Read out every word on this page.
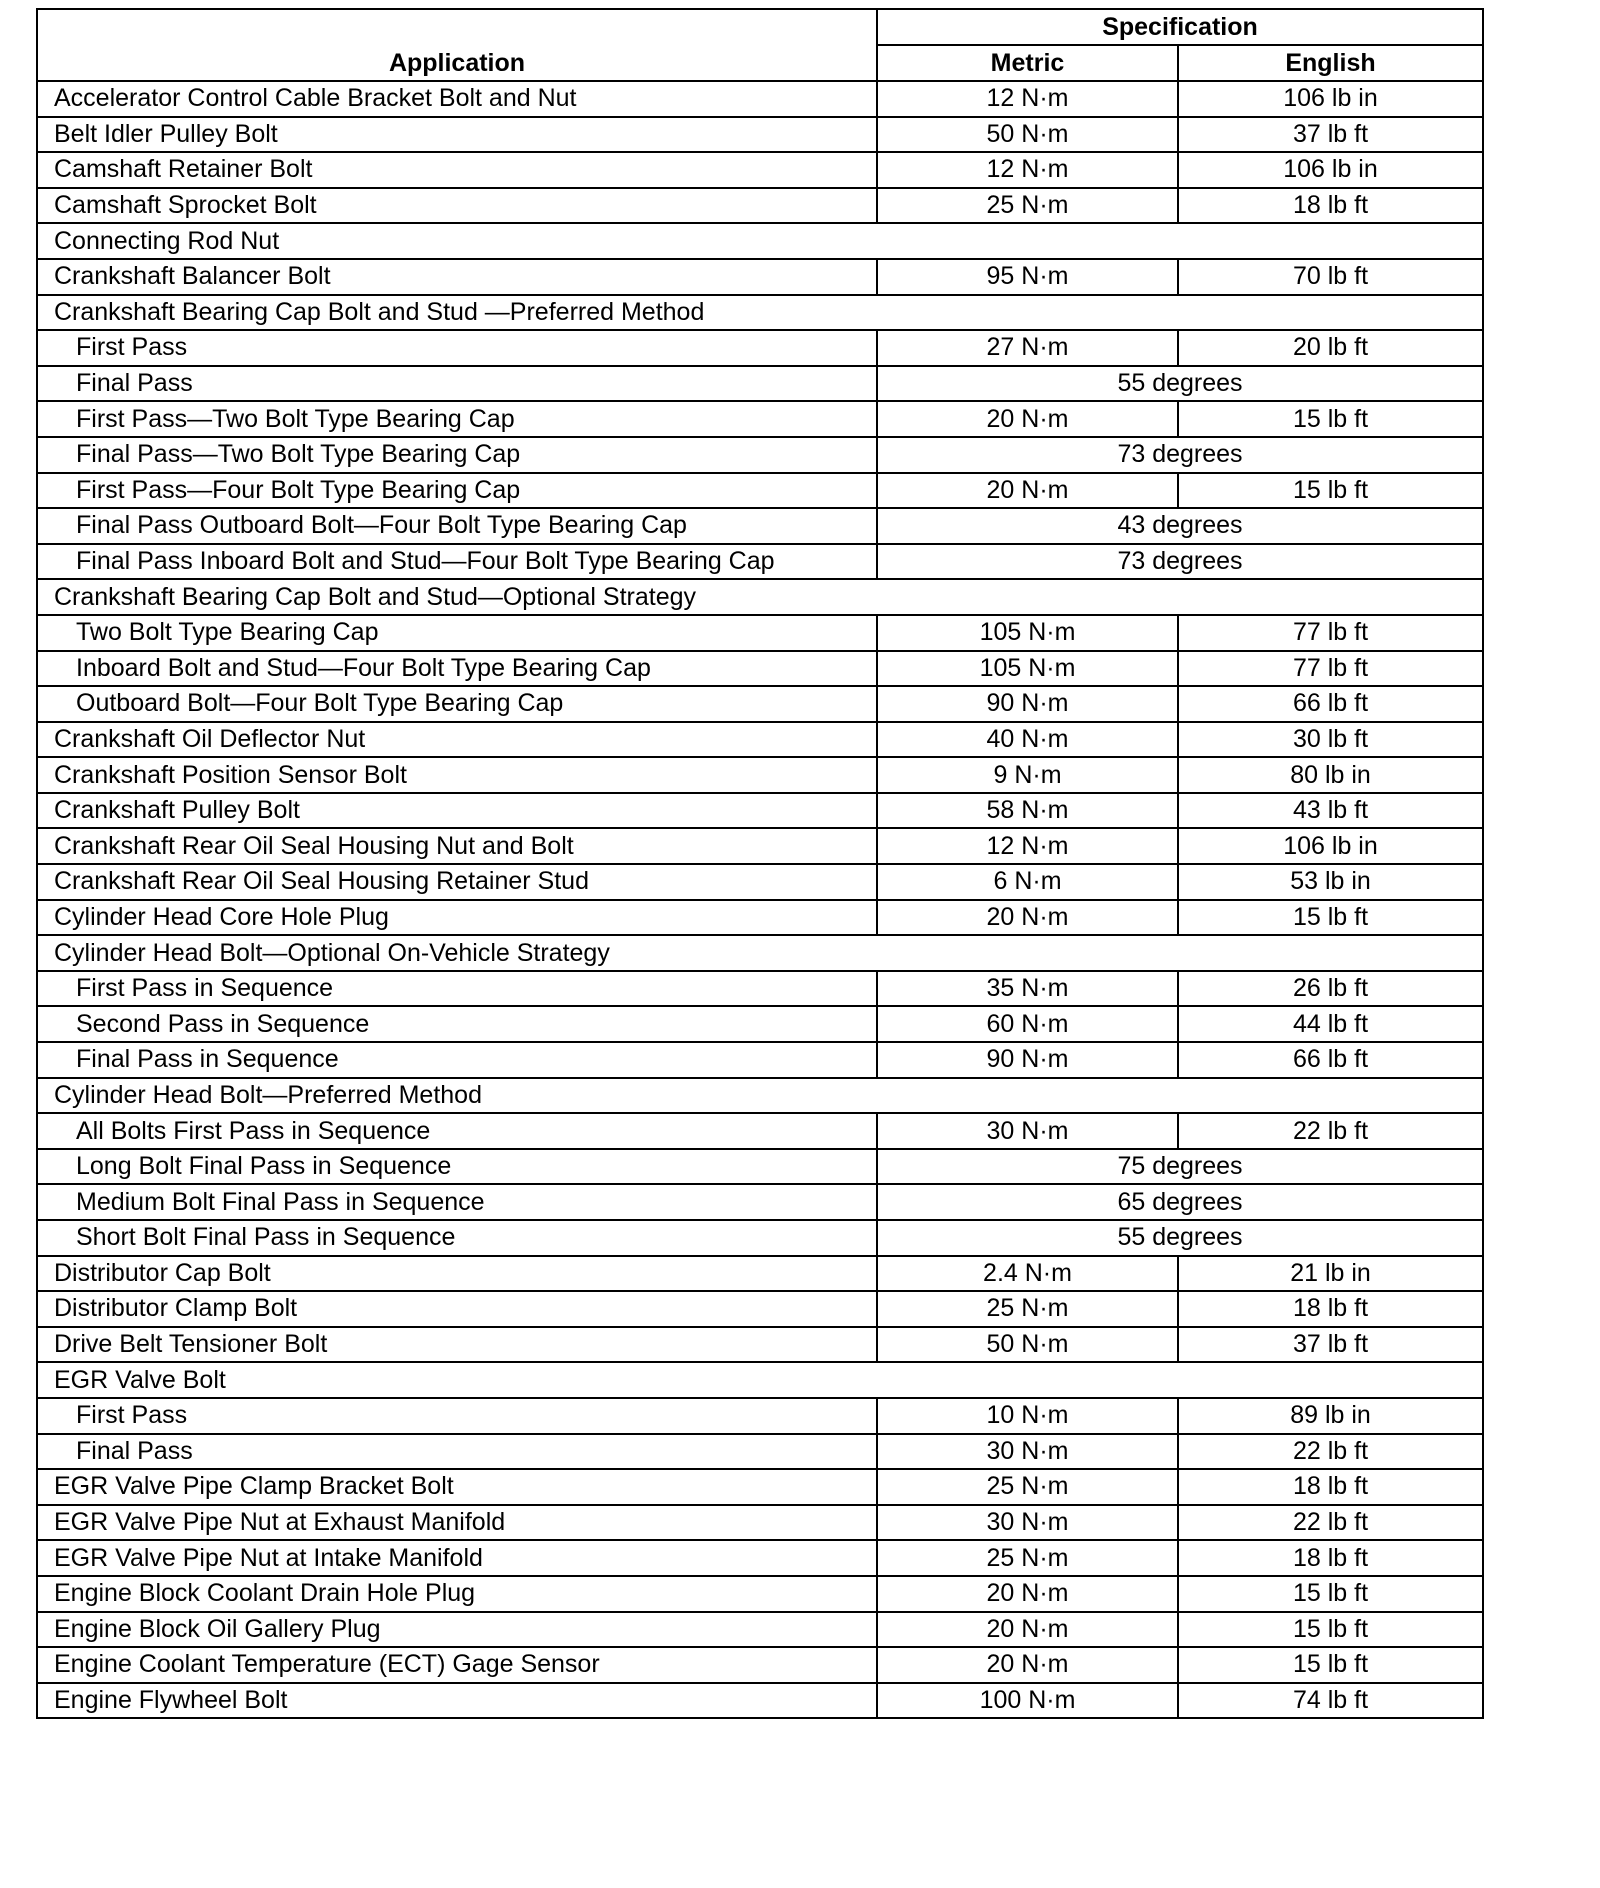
Application	Specification	
	Metric	English
Accelerator Control Cable Bracket Bolt and Nut	12 N·m	106 lb in
Belt Idler Pulley Bolt	50 N·m	37 lb ft
Camshaft Retainer Bolt	12 N·m	106 lb in
Camshaft Sprocket Bolt	25 N·m	18 lb ft
Connecting Rod Nut		
Crankshaft Balancer Bolt	95 N·m	70 lb ft
Crankshaft Bearing Cap Bolt and Stud —Preferred Method		
First Pass	27 N·m	20 lb ft
Final Pass	55 degrees	
First Pass—Two Bolt Type Bearing Cap	20 N·m	15 lb ft
Final Pass—Two Bolt Type Bearing Cap	73 degrees	
First Pass—Four Bolt Type Bearing Cap	20 N·m	15 lb ft
Final Pass Outboard Bolt—Four Bolt Type Bearing Cap	43 degrees	
Final Pass Inboard Bolt and Stud—Four Bolt Type Bearing Cap	73 degrees	
Crankshaft Bearing Cap Bolt and Stud—Optional Strategy		
Two Bolt Type Bearing Cap	105 N·m	77 lb ft
Inboard Bolt and Stud—Four Bolt Type Bearing Cap	105 N·m	77 lb ft
Outboard Bolt—Four Bolt Type Bearing Cap	90 N·m	66 lb ft
Crankshaft Oil Deflector Nut	40 N·m	30 lb ft
Crankshaft Position Sensor Bolt	9 N·m	80 lb in
Crankshaft Pulley Bolt	58 N·m	43 lb ft
Crankshaft Rear Oil Seal Housing Nut and Bolt	12 N·m	106 lb in
Crankshaft Rear Oil Seal Housing Retainer Stud	6 N·m	53 lb in
Cylinder Head Core Hole Plug	20 N·m	15 lb ft
Cylinder Head Bolt—Optional On-Vehicle Strategy		
First Pass in Sequence	35 N·m	26 lb ft
Second Pass in Sequence	60 N·m	44 lb ft
Final Pass in Sequence	90 N·m	66 lb ft
Cylinder Head Bolt—Preferred Method		
All Bolts First Pass in Sequence	30 N·m	22 lb ft
Long Bolt Final Pass in Sequence	75 degrees	
Medium Bolt Final Pass in Sequence	65 degrees	
Short Bolt Final Pass in Sequence	55 degrees	
Distributor Cap Bolt	2.4 N·m	21 lb in
Distributor Clamp Bolt	25 N·m	18 lb ft
Drive Belt Tensioner Bolt	50 N·m	37 lb ft
EGR Valve Bolt		
First Pass	10 N·m	89 lb in
Final Pass	30 N·m	22 lb ft
EGR Valve Pipe Clamp Bracket Bolt	25 N·m	18 lb ft
EGR Valve Pipe Nut at Exhaust Manifold	30 N·m	22 lb ft
EGR Valve Pipe Nut at Intake Manifold	25 N·m	18 lb ft
Engine Block Coolant Drain Hole Plug	20 N·m	15 lb ft
Engine Block Oil Gallery Plug	20 N·m	15 lb ft
Engine Coolant Temperature (ECT) Gage Sensor	20 N·m	15 lb ft
Engine Flywheel Bolt	100 N·m	74 lb ft
